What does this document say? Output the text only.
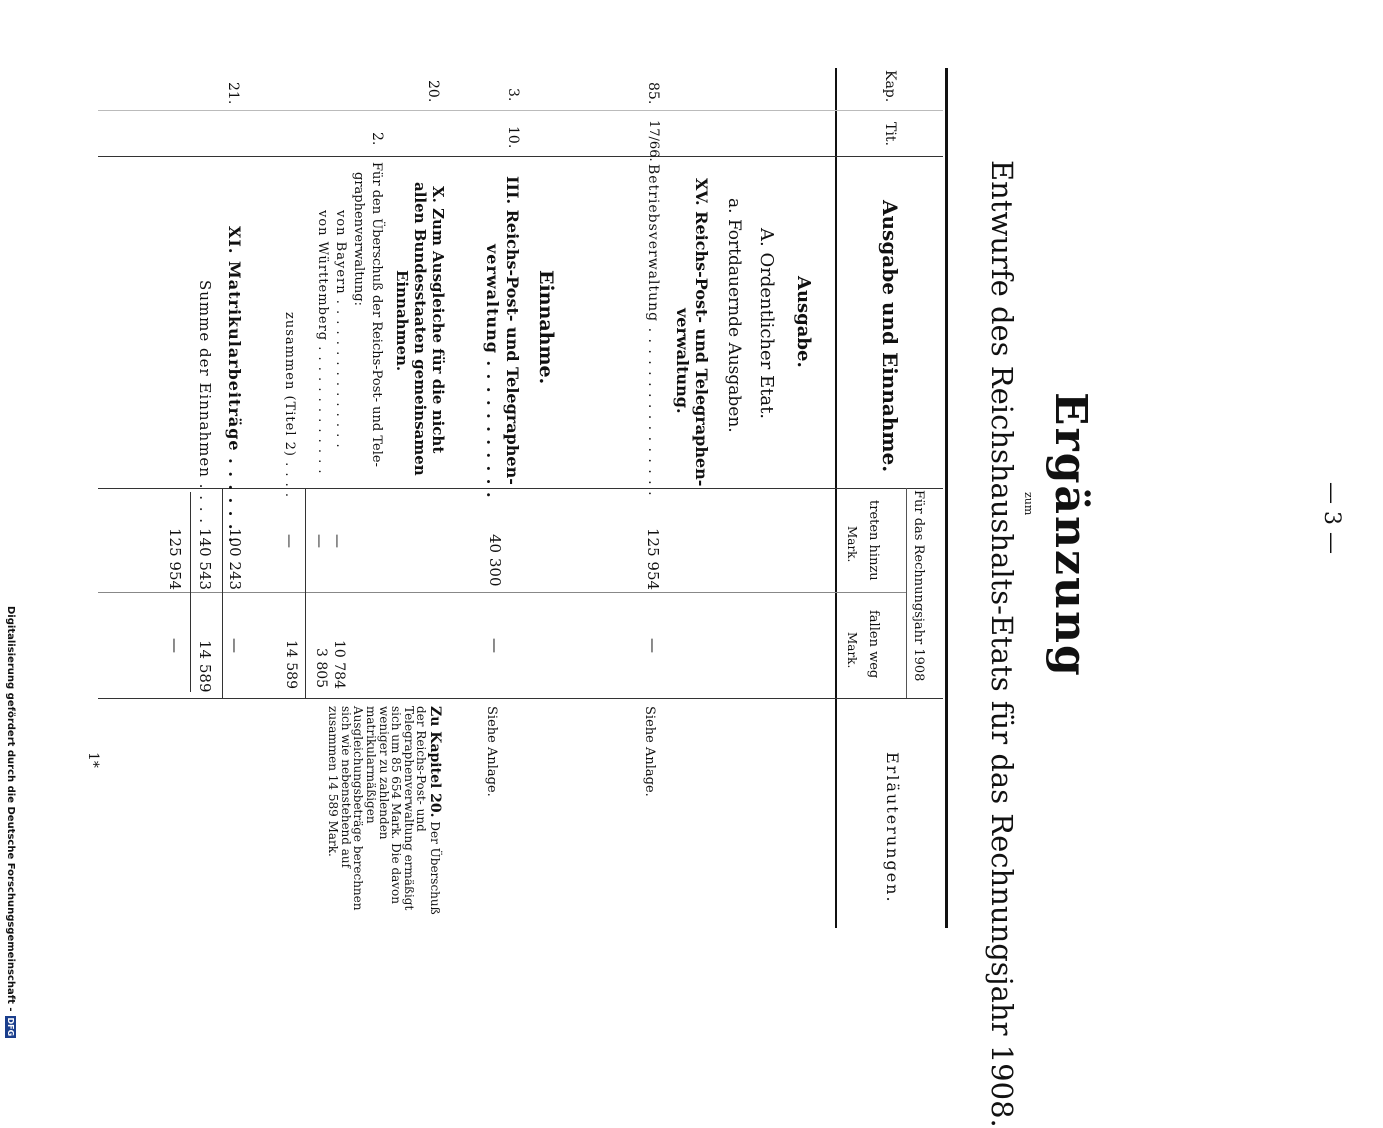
— 3 —
Ergänzung
zum
Entwurfe des Reichshaushalts-Etats für das Rechnungsjahr 1908.
Kap.
Tit.
Ausgabe und Einnahme.
Für das Rechnungsjahr 1908
treten hinzu
Mark.
fallen weg
Mark.
Erläuterungen.
Ausgabe.
A. Ordentlicher Etat.
a. Fortdauernde Ausgaben.
XV. Reichs-Post- und Telegraphen-
verwaltung.
85.
17/66.
Betriebsverwaltung . . . . . . . . . . . . . . . .
125 954
—
Siehe Anlage.
Einnahme.
3.
10.
III. Reichs-Post- und Telegraphen-
verwaltung . . . . . . . . . . .
40 300
—
Siehe Anlage.
20.
X. Zum Ausgleiche für die nicht
allen Bundesstaaten gemeinsamen
Einnahmen.
2.
Für den Überschuß der Reichs-Post- und Tele-
graphenverwaltung:
von Bayern . . . . . . . . . . . . . . .
von Württemberg . . . . . . . . . . . . .
—
—
10 784
3 805
zusammen (Titel 2) . . . .
—
14 589
Zu Kapitel 20. Der Überschuß der Reichs-Post- und Telegraphenverwaltung ermäßigt sich um 85 654 Mark. Die davon weniger zu zahlenden matrikularmäßigen Ausgleichungsbeträge berechnen sich wie nebenstehend auf zusammen 14 589 Mark.
21.
XI. Matrikularbeiträge . . . . . . .
100 243
—
140 543
14 589
Summe der Einnahmen . . . .
125 954
—
1*
Digitalisierung gefördert durch die Deutsche Forschungsgemeinschaft -DFG
